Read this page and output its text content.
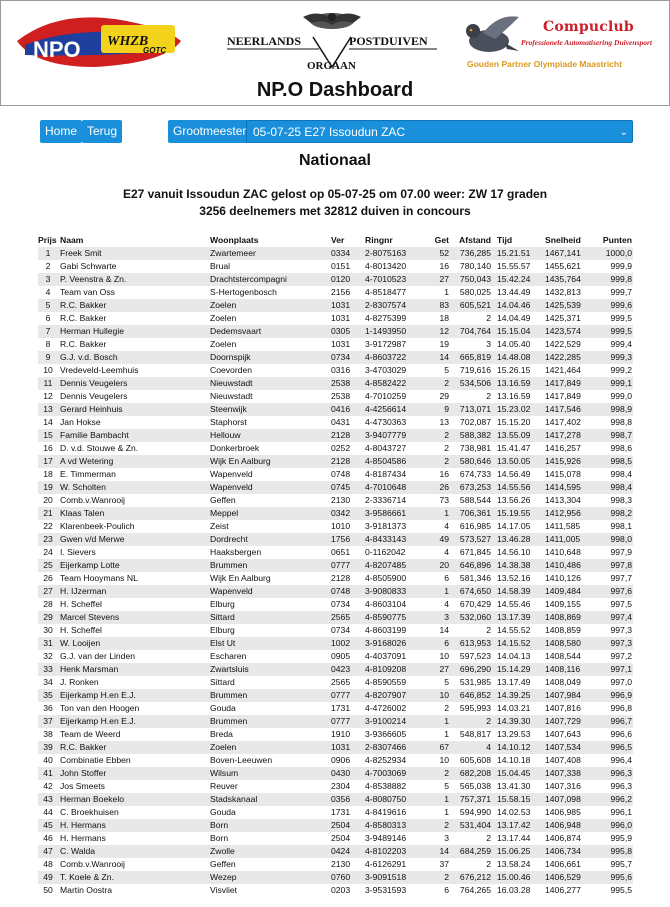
NPO WHZB
GOTC
NEERLANDS	POSTDUIVEN
ORGAAN
Compuclub
Professionele Automatisering Duivensport
Gouden Partner Olympiade Maastricht
NP.O Dashboard
Home Terug	Grootmeester 05-07-25 E27 Issoudun ZAC	⌄
Nationaal
E27 vanuit Issoudun ZAC gelost op 05-07-25 om 07.00 weer: ZW 17 graden
3256 deelnemers met 32812 duiven in concours
Prijs	Naam	Woonplaats	Ver	Ringnr	Get	Afstand	Tijd	Snelheid	Punten
1	Freek Smit	Zwartemeer	0334	2-8075163	52	736,285	15.21.51	1467,141	1000,0
2	Gabi Schwarte	Brual	0151	4-8013420	16	780,140	15.55.57	1455,621	999,9
3	P. Veenstra & Zn.	Drachtstercompagni	0120	4-7010523	27	750,043	15.42.24	1435,764	999,8
4	Team van Oss	S-Hertogenbosch	2156	4-8518477	1	580,025	13.44.49	1432,813	999,7
5	R.C. Bakker	Zoelen	1031	2-8307574	83	605,521	14.04.46	1425,539	999,6
6	R.C. Bakker	Zoelen	1031	4-8275399	18	2	14.04.49	1425,371	999,5
7	Herman Hullegie	Dedemsvaart	0305	1-1493950	12	704,764	15.15.04	1423,574	999,5
8	R.C. Bakker	Zoelen	1031	3-9172987	19	3	14.05.40	1422,529	999,4
9	G.J. v.d. Bosch	Doornspijk	0734	4-8603722	14	665,819	14.48.08	1422,285	999,3
10	Vredeveld-Leemhuis	Coevorden	0316	3-4703029	5	719,616	15.26.15	1421,464	999,2
11	Dennis Veugelers	Nieuwstadt	2538	4-8582422	2	534,506	13.16.59	1417,849	999,1
12	Dennis Veugelers	Nieuwstadt	2538	4-7010259	29	2	13.16.59	1417,849	999,0
13	Gerard Heinhuis	Steenwijk	0416	4-4256614	9	713,071	15.23.02	1417,546	998,9
14	Jan Hokse	Staphorst	0431	4-4730363	13	702,087	15.15.20	1417,402	998,8
15	Familie Bambacht	Hellouw	2128	3-9407779	2	588,382	13.55.09	1417,278	998,7
16	D. v.d. Stouwe & Zn.	Donkerbroek	0252	4-8043727	2	738,981	15.41.47	1416,257	998,6
17	A vd Wetering	Wijk En Aalburg	2128	4-8504586	2	580,646	13.50.05	1415,926	998,5
18	E. Timmerman	Wapenveld	0748	4-8187434	16	674,733	14.56.49	1415,078	998,4
19	W. Scholten	Wapenveld	0745	4-7010648	26	673,253	14.55.56	1414,595	998,4
20	Comb.v.Wanrooij	Geffen	2130	2-3336714	73	588,544	13.56.26	1413,304	998,3
21	Klaas Talen	Meppel	0342	3-9586661	1	706,361	15.19.55	1412,956	998,2
22	Klarenbeek-Poulich	Zeist	1010	3-9181373	4	616,985	14.17.05	1411,585	998,1
23	Gwen v/d Merwe	Dordrecht	1756	4-8433143	49	573,527	13.46.28	1411,005	998,0
24	I. Sievers	Haaksbergen	0651	0-1162042	4	671,845	14.56.10	1410,648	997,9
25	Eijerkamp Lotte	Brummen	0777	4-8207485	20	646,896	14.38.38	1410,486	997,8
26	Team Hooymans NL	Wijk En Aalburg	2128	4-8505900	6	581,346	13.52.16	1410,126	997,7
27	H. IJzerman	Wapenveld	0748	3-9080833	1	674,650	14.58.39	1409,484	997,6
28	H. Scheffel	Elburg	0734	4-8603104	4	670,429	14.55.46	1409,155	997,5
29	Marcel Stevens	Sittard	2565	4-8590775	3	532,060	13.17.39	1408,869	997,4
30	H. Scheffel	Elburg	0734	4-8603199	14	2	14.55.52	1408,859	997,3
31	W. Looijen	Elst Ut	1002	3-9168026	6	613,953	14.15.52	1408,580	997,3
32	G.J. van der Linden	Escharen	0905	4-4037091	10	597,523	14.04.13	1408,544	997,2
33	Henk Marsman	Zwartsluis	0423	4-8109208	27	696,290	15.14.29	1408,116	997,1
34	J. Ronken	Sittard	2565	4-8590559	5	531,985	13.17.49	1408,049	997,0
35	Eijerkamp H.en E.J.	Brummen	0777	4-8207907	10	646,852	14.39.25	1407,984	996,9
36	Ton van den Hoogen	Gouda	1731	4-4726002	2	595,993	14.03.21	1407,816	996,8
37	Eijerkamp H.en E.J.	Brummen	0777	3-9100214	1	2	14.39.30	1407,729	996,7
38	Team de Weerd	Breda	1910	3-9366605	1	548,817	13.29.53	1407,643	996,6
39	R.C. Bakker	Zoelen	1031	2-8307466	67	4	14.10.12	1407,534	996,5
40	Combinatie Ebben	Boven-Leeuwen	0906	4-8252934	10	605,608	14.10.18	1407,408	996,4
41	John Stoffer	Wilsum	0430	4-7003069	2	682,208	15.04.45	1407,338	996,3
42	Jos Smeets	Reuver	2304	4-8538882	5	565,038	13.41.30	1407,316	996,3
43	Herman Boekelo	Stadskanaal	0356	4-8080750	1	757,371	15.58.15	1407,098	996,2
44	C. Broekhuisen	Gouda	1731	4-8419616	1	594,990	14.02.53	1406,985	996,1
45	H. Hermans	Born	2504	4-8580313	2	531,404	13.17.42	1406,948	996,0
46	H. Hermans	Born	2504	3-9489146	3	2	13.17.44	1406,874	995,9
47	C. Walda	Zwolle	0424	4-8102203	14	684,259	15.06.25	1406,734	995,8
48	Comb.v.Wanrooij	Geffen	2130	4-6126291	37	2	13.58.24	1406,661	995,7
49	T. Koele & Zn.	Wezep	0760	3-9091518	2	676,212	15.00.46	1406,529	995,6
50	Martin Oostra	Visvliet	0203	3-9531593	6	764,265	16.03.28	1406,277	995,5
